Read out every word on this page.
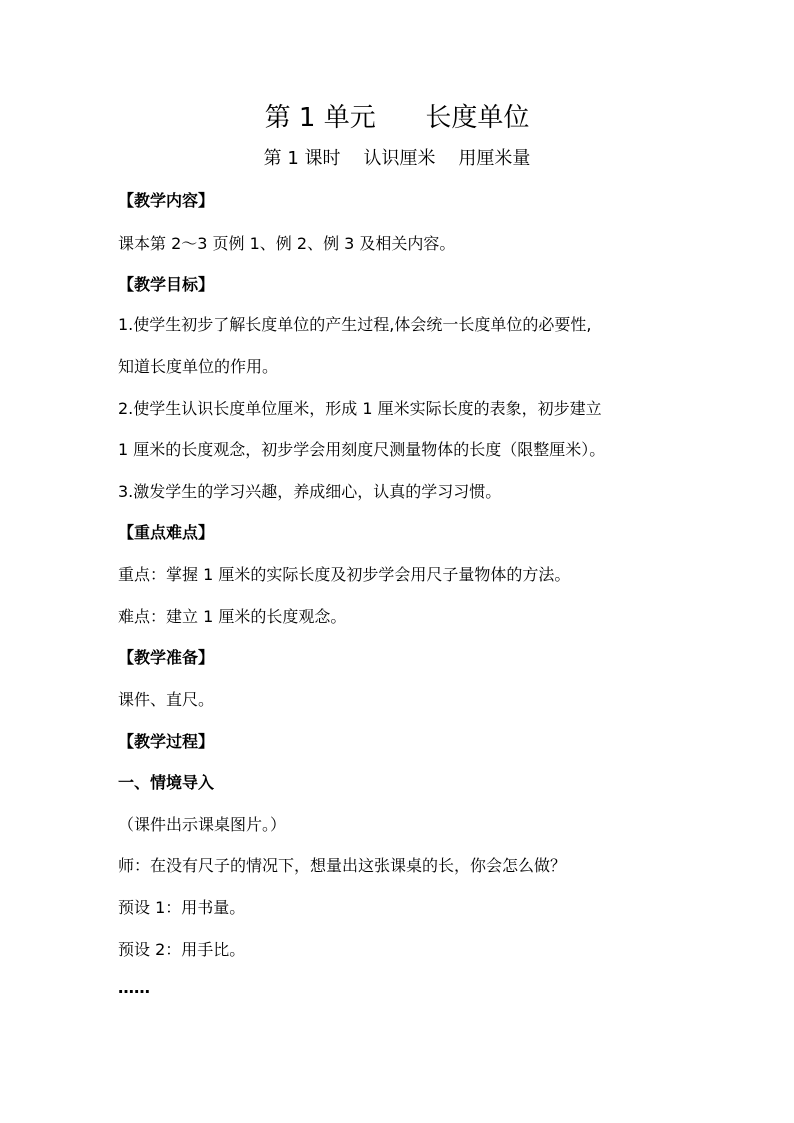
第 1 单元      长度单位
第 1 课时    认识厘米    用厘米量
【教学内容】
课本第 2～3 页例 1、例 2、例 3 及相关内容。
【教学目标】
1.使学生初步了解长度单位的产生过程,体会统一长度单位的必要性,
知道长度单位的作用。
2.使学生认识长度单位厘米，形成 1 厘米实际长度的表象，初步建立
1 厘米的长度观念，初步学会用刻度尺测量物体的长度（限整厘米）。
3.激发学生的学习兴趣，养成细心，认真的学习习惯。
【重点难点】
重点：掌握 1 厘米的实际长度及初步学会用尺子量物体的方法。
难点：建立 1 厘米的长度观念。
【教学准备】
课件、直尺。
【教学过程】
一、情境导入
（课件出示课桌图片。）
师：在没有尺子的情况下，想量出这张课桌的长，你会怎么做？
预设 1：用书量。
预设 2：用手比。
……
